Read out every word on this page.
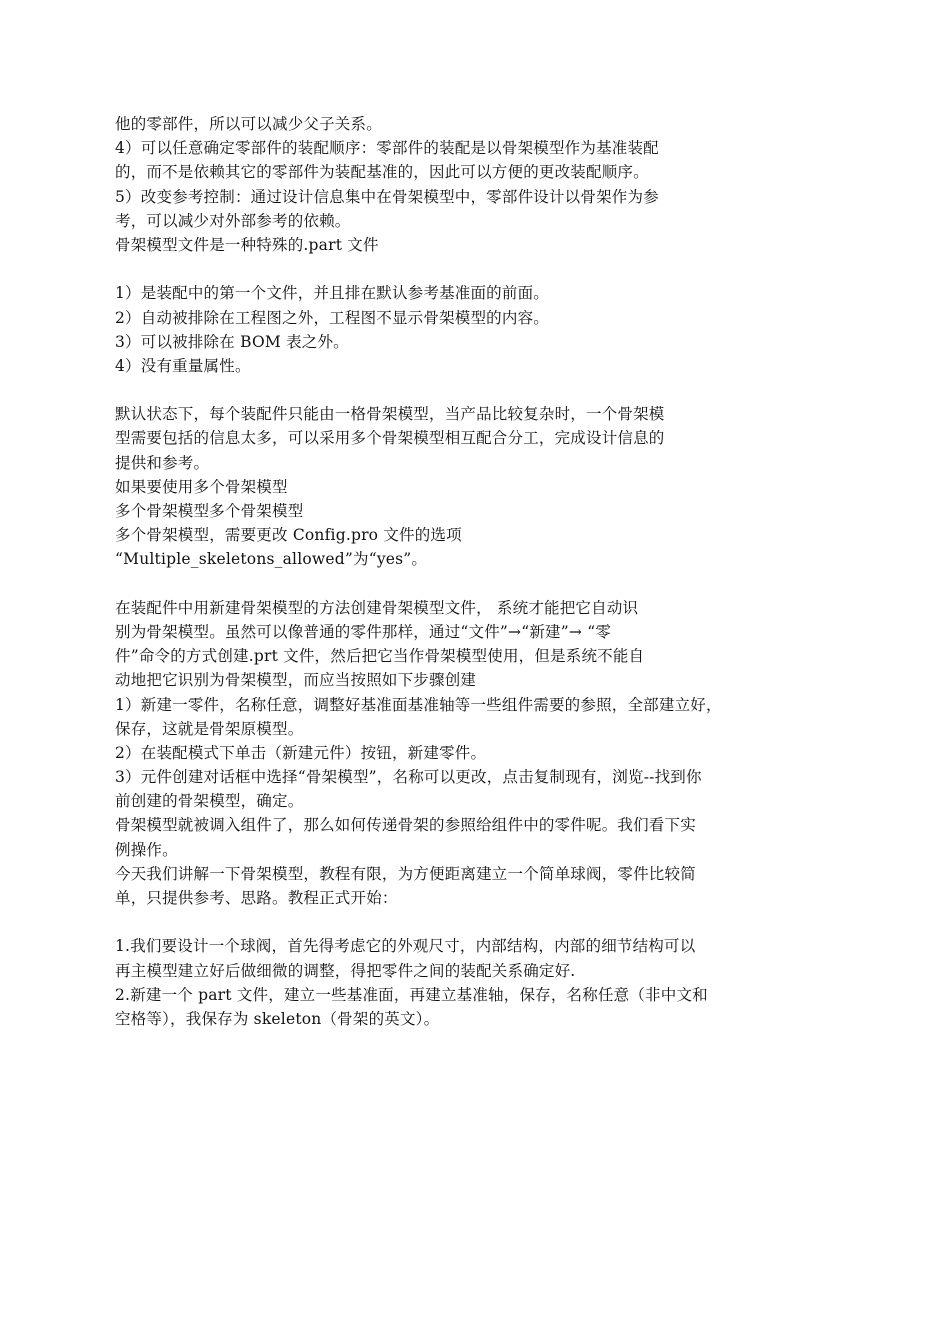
他的零部件，所以可以减少父子关系。
4）可以任意确定零部件的装配顺序：零部件的装配是以骨架模型作为基准装配
的，而不是依赖其它的零部件为装配基准的，因此可以方便的更改装配顺序。
5）改变参考控制：通过设计信息集中在骨架模型中，零部件设计以骨架作为参
考，可以减少对外部参考的依赖。
骨架模型文件是一种特殊的.part 文件
1）是装配中的第一个文件，并且排在默认参考基准面的前面。
2）自动被排除在工程图之外，工程图不显示骨架模型的内容。
3）可以被排除在 BOM 表之外。
4）没有重量属性。
默认状态下，每个装配件只能由一格骨架模型，当产品比较复杂时，一个骨架模
型需要包括的信息太多，可以采用多个骨架模型相互配合分工，完成设计信息的
提供和参考。
如果要使用多个骨架模型
多个骨架模型多个骨架模型
多个骨架模型，需要更改 Config.pro 文件的选项
“Multiple_skeletons_allowed”为“yes”。
在装配件中用新建骨架模型的方法创建骨架模型文件， 系统才能把它自动识
别为骨架模型。虽然可以像普通的零件那样，通过“文件”→“新建”→ “零
件”命令的方式创建.prt 文件，然后把它当作骨架模型使用，但是系统不能自
动地把它识别为骨架模型，而应当按照如下步骤创建
1）新建一零件，名称任意，调整好基准面基准轴等一些组件需要的参照，全部建立好，
保存，这就是骨架原模型。
2）在装配模式下单击（新建元件）按钮，新建零件。
3）元件创建对话框中选择“骨架模型”，名称可以更改，点击复制现有，浏览--找到你
前创建的骨架模型，确定。
骨架模型就被调入组件了，那么如何传递骨架的参照给组件中的零件呢。我们看下实
例操作。
今天我们讲解一下骨架模型，教程有限，为方便距离建立一个简单球阀，零件比较简
单，只提供参考、思路。教程正式开始：
1.我们要设计一个球阀，首先得考虑它的外观尺寸，内部结构，内部的细节结构可以
再主模型建立好后做细微的调整，得把零件之间的装配关系确定好.
2.新建一个 part 文件，建立一些基准面，再建立基准轴，保存，名称任意（非中文和
空格等），我保存为 skeleton（骨架的英文）。
